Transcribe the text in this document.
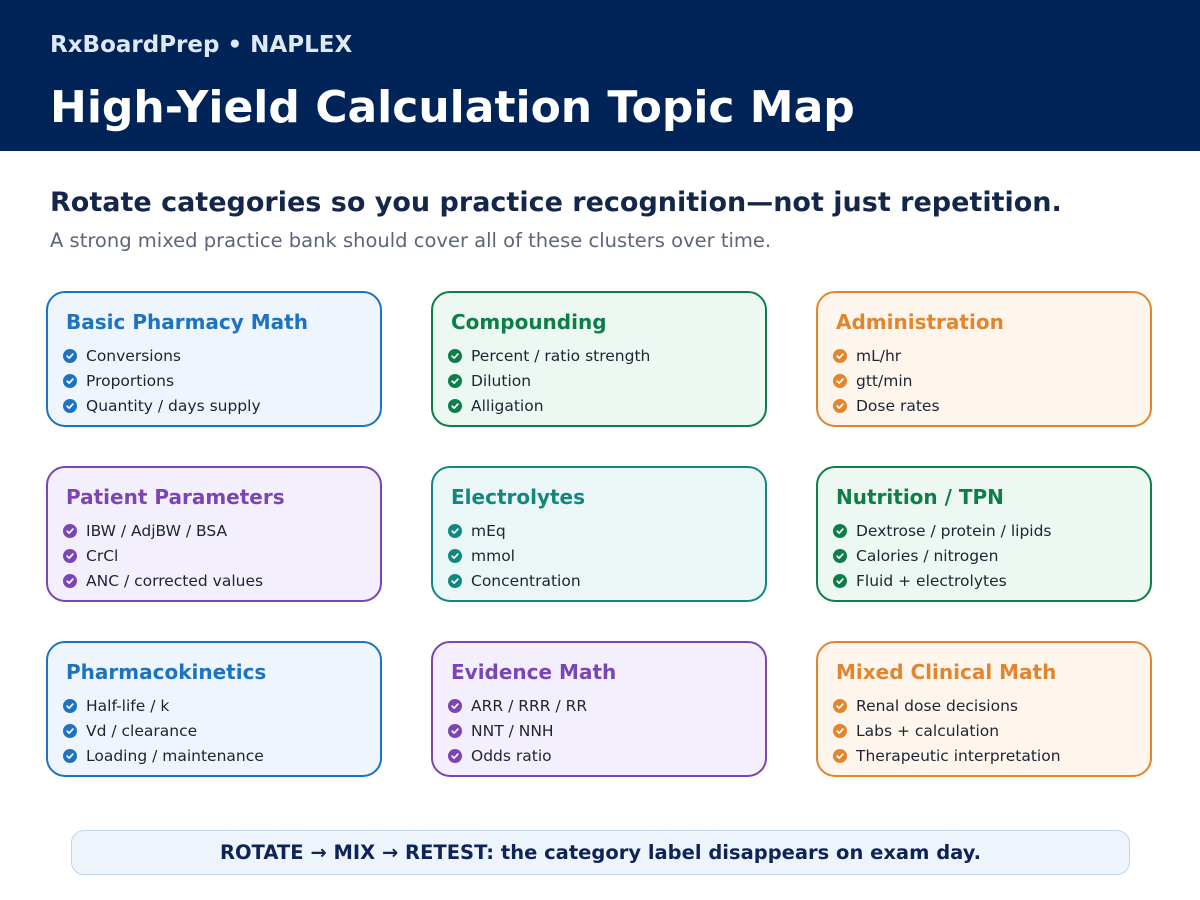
RxBoardPrep • NAPLEX
High-Yield Calculation Topic Map
Rotate categories so you practice recognition—not just repetition.
A strong mixed practice bank should cover all of these clusters over time.
Basic Pharmacy Math
Conversions
Proportions
Quantity / days supply
Compounding
Percent / ratio strength
Dilution
Alligation
Administration
mL/hr
gtt/min
Dose rates
Patient Parameters
IBW / AdjBW / BSA
CrCl
ANC / corrected values
Electrolytes
mEq
mmol
Concentration
Nutrition / TPN
Dextrose / protein / lipids
Calories / nitrogen
Fluid + electrolytes
Pharmacokinetics
Half-life / k
Vd / clearance
Loading / maintenance
Evidence Math
ARR / RRR / RR
NNT / NNH
Odds ratio
Mixed Clinical Math
Renal dose decisions
Labs + calculation
Therapeutic interpretation
ROTATE → MIX → RETEST: the category label disappears on exam day.
